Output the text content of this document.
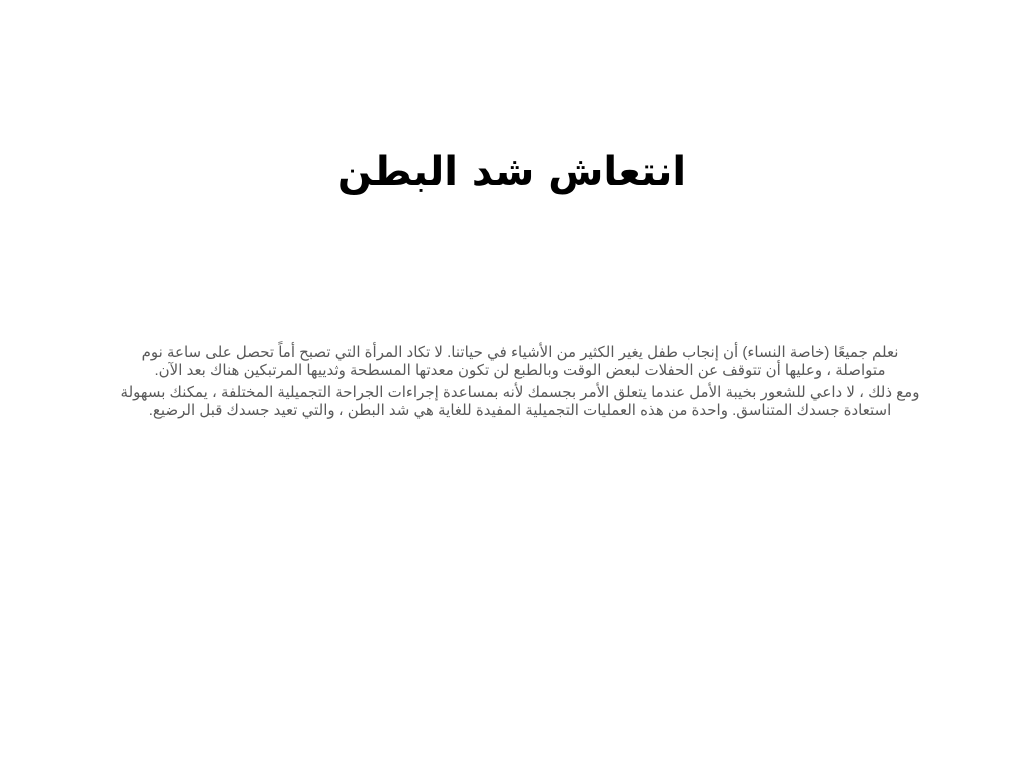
انتعاش شد البطن

نعلم جميعًا (خاصة النساء) أن إنجاب طفل يغير الكثير من الأشياء في حياتنا. لا تكاد المرأة التي تصبح أماً تحصل على ساعة نوم متواصلة ، وعليها أن تتوقف عن الحفلات لبعض الوقت وبالطبع لن تكون معدتها المسطحة وثدييها المرتبكين هناك بعد الآن.

ومع ذلك ، لا داعي للشعور بخيبة الأمل عندما يتعلق الأمر بجسمك لأنه بمساعدة إجراءات الجراحة التجميلية المختلفة ، يمكنك بسهولة استعادة جسدك المتناسق. واحدة من هذه العمليات التجميلية المفيدة للغاية هي شد البطن ، والتي تعيد جسدك قبل الرضيع.
